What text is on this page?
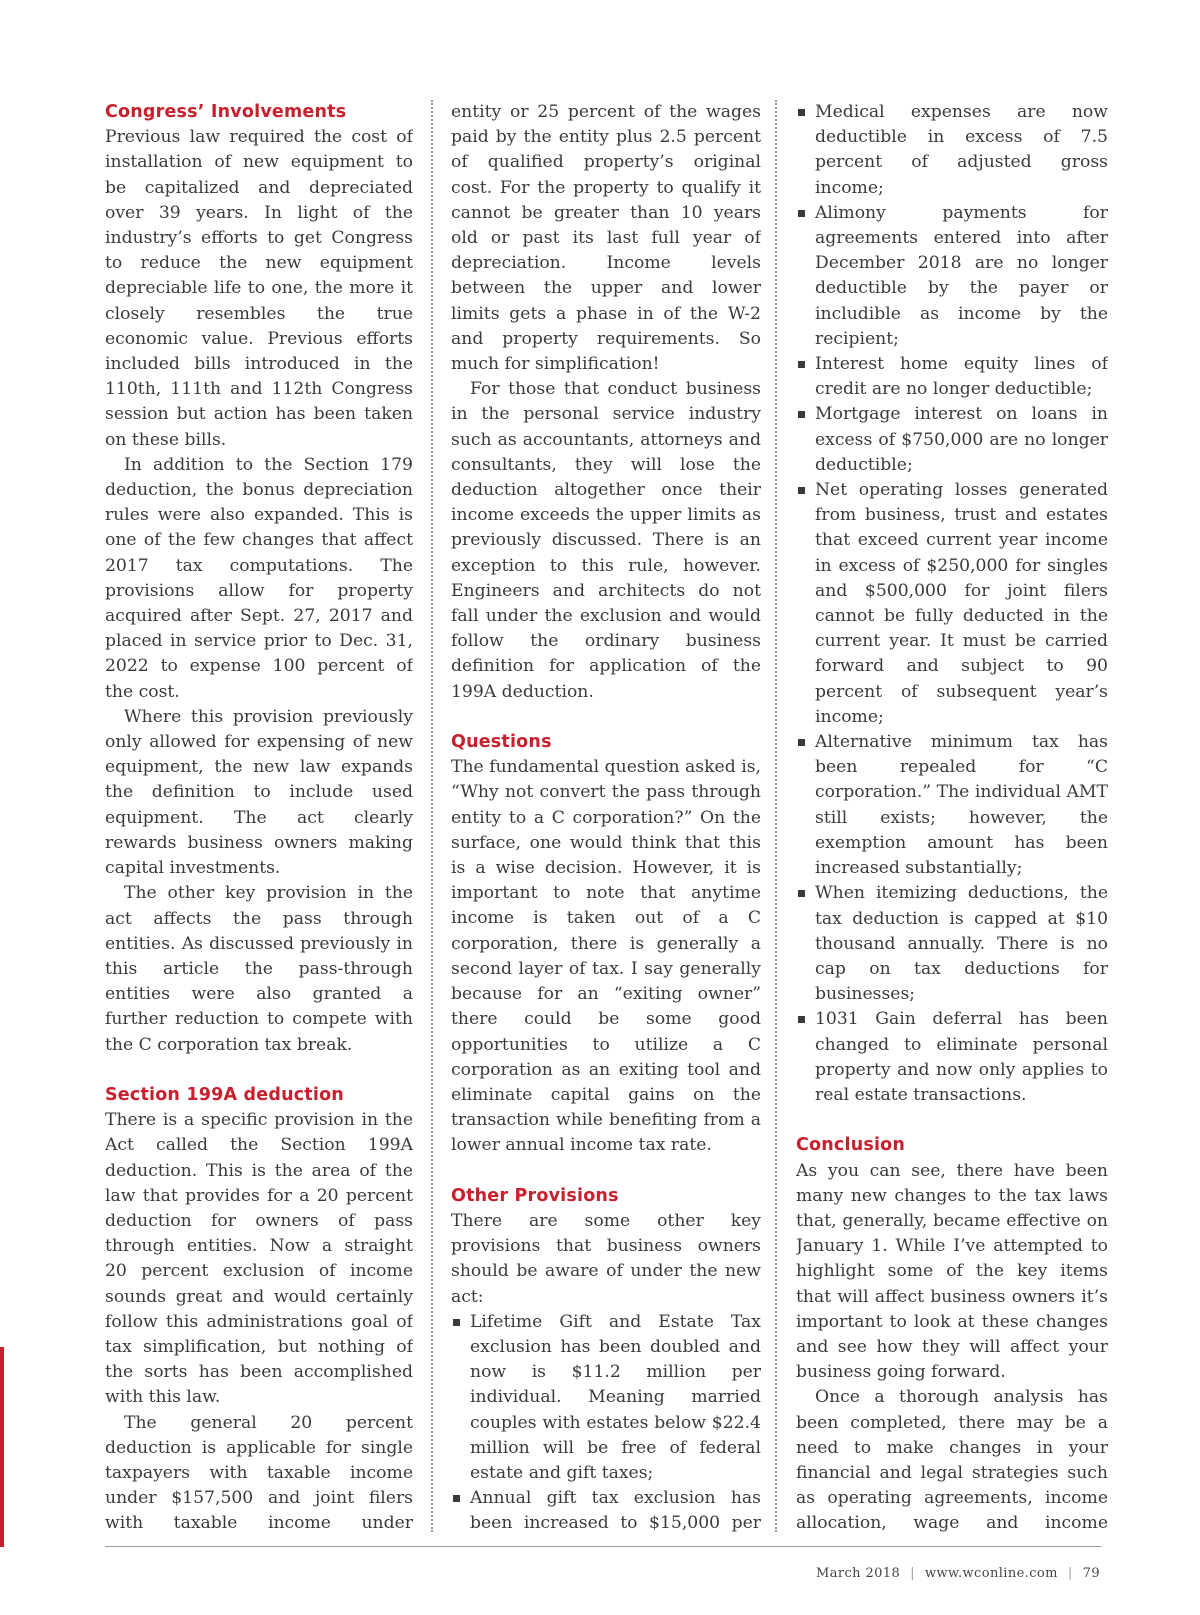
Congress’ Involvements

Previous law required the cost of installation of new equipment to be capitalized and depreciated over 39 years. In light of the industry’s efforts to get Congress to reduce the new equipment depreciable life to one, the more it closely resembles the true economic value. Previous efforts included bills introduced in the 110th, 111th and 112th Congress session but action has been taken on these bills.

In addition to the Section 179 deduction, the bonus depreciation rules were also expanded. This is one of the few changes that affect 2017 tax computations. The provisions allow for property acquired after Sept. 27, 2017 and placed in service prior to Dec. 31, 2022 to expense 100 percent of the cost.

Where this provision previously only allowed for expensing of new equipment, the new law expands the definition to include used equipment. The act clearly rewards business owners making capital investments.

The other key provision in the act affects the pass through entities. As discussed previously in this article the pass-through entities were also granted a further reduction to compete with the C corporation tax break.

Section 199A deduction

There is a specific provision in the Act called the Section 199A deduction. This is the area of the law that provides for a 20 percent deduction for owners of pass through entities. Now a straight 20 percent exclusion of income sounds great and would certainly follow this administrations goal of tax simplification, but nothing of the sorts has been accomplished with this law.

The general 20 percent deduction is applicable for single taxpayers with taxable income under $157,500 and joint filers with taxable income under

entity or 25 percent of the wages paid by the entity plus 2.5 percent of qualified property’s original cost. For the property to qualify it cannot be greater than 10 years old or past its last full year of depreciation. Income levels between the upper and lower limits gets a phase in of the W-2 and property requirements. So much for simplification!

For those that conduct business in the personal service industry such as accountants, attorneys and consultants, they will lose the deduction altogether once their income exceeds the upper limits as previously discussed. There is an exception to this rule, however. Engineers and architects do not fall under the exclusion and would follow the ordinary business definition for application of the 199A deduction.

Questions

The fundamental question asked is, “Why not convert the pass through entity to a C corporation?” On the surface, one would think that this is a wise decision. However, it is important to note that anytime income is taken out of a C corporation, there is generally a second layer of tax. I say generally because for an “exiting owner” there could be some good opportunities to utilize a C corporation as an exiting tool and eliminate capital gains on the transaction while benefiting from a lower annual income tax rate.

Other Provisions

There are some other key provisions that business owners should be aware of under the new act:

Lifetime Gift and Estate Tax exclusion has been doubled and now is $11.2 million per individual. Meaning married couples with estates below $22.4 million will be free of federal estate and gift taxes;
Annual gift tax exclusion has been increased to $15,000 per
Medical expenses are now deductible in excess of 7.5 percent of adjusted gross income;
Alimony payments for agreements entered into after December 2018 are no longer deductible by the payer or includible as income by the recipient;
Interest home equity lines of credit are no longer deductible;
Mortgage interest on loans in excess of $750,000 are no longer deductible;
Net operating losses generated from business, trust and estates that exceed current year income in excess of $250,000 for singles and $500,000 for joint filers cannot be fully deducted in the current year. It must be carried forward and subject to 90 percent of subsequent year’s income;
Alternative minimum tax has been repealed for “C corporation.” The individual AMT still exists; however, the exemption amount has been increased substantially;
When itemizing deductions, the tax deduction is capped at $10 thousand annually. There is no cap on tax deductions for businesses;
1031 Gain deferral has been changed to eliminate personal property and now only applies to real estate transactions.
Conclusion

As you can see, there have been many new changes to the tax laws that, generally, became effective on January 1. While I’ve attempted to highlight some of the key items that will affect business owners it’s important to look at these changes and see how they will affect your business going forward.

Once a thorough analysis has been completed, there may be a need to make changes in your financial and legal strategies such as operating agreements, income allocation, wage and income

March 2018 | www.wconline.com | 79
